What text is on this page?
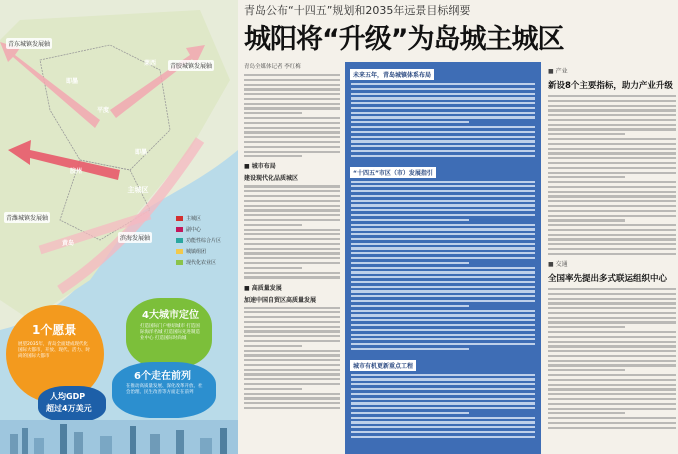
青东城镇发展轴
青胶城镇发展轴
青潍城镇发展轴
滨海发展轴
即墨
莱西
平度
胶州
主城区
黄岛
即墨
主城区
副中心
功能性综合片区
城镇组团
现代化农业区
1个愿景
展望2035年，青岛全面建成现代化国际大都市，开放、现代、活力、时尚的国际大都市
4大城市定位
打造国际门户枢纽城市 打造国际海洋名城 打造国际先进制造业中心 打造国际时尚城
6个走在前列
在推动高质量发展、深化改革开放、社会治理、民生改善等方面走在前列
人均GDP
超过4万美元
青岛公布“十四五”规划和2035年远景目标纲要
城阳将“升级”为岛城主城区
青岛全媒体记者 李红梅
■ 城市布局
建设现代化品质城区
■ 高质量发展
加速中国自贸区高质量发展
未来五年，青岛城镇体系布局
“十四五”市区（市）发展指引
城市有机更新重点工程
■ 产业
新设8个主要指标，助力产业升级
■ 交通
全国率先提出多式联运组织中心
